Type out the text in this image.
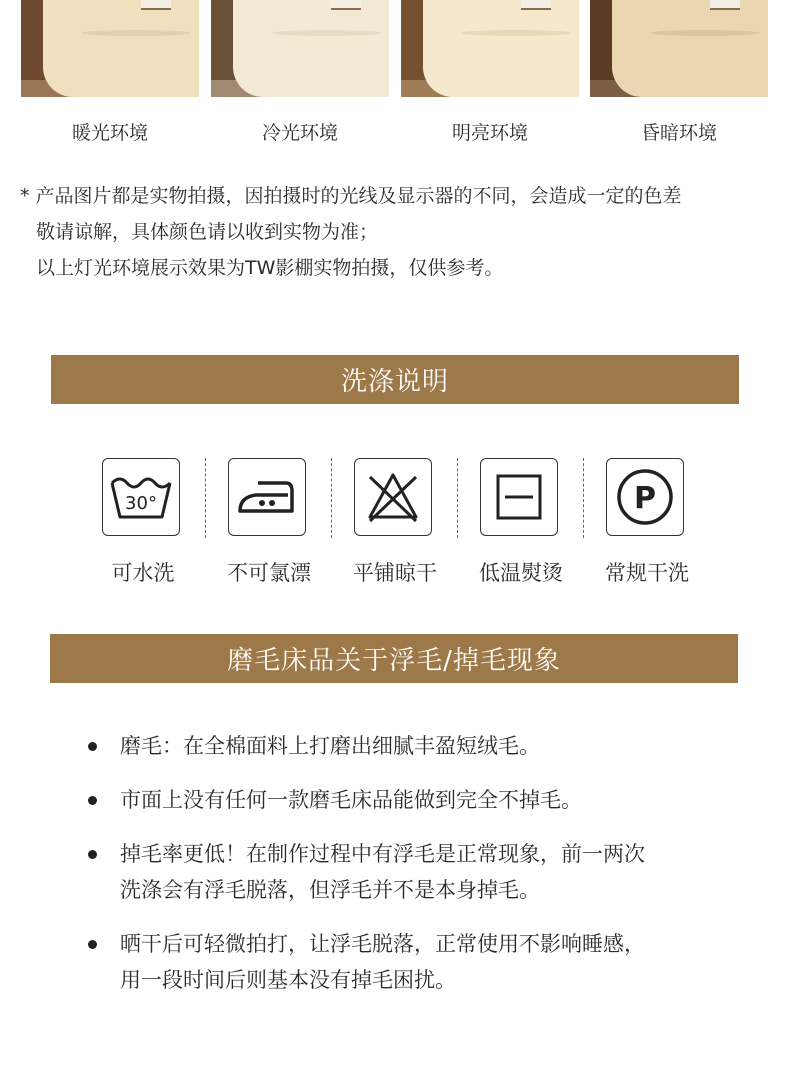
暖光环境	冷光环境	明亮环境	昏暗环境
* 产品图片都是实物拍摄，因拍摄时的光线及显示器的不同，会造成一定的色差
敬请谅解，具体颜色请以收到实物为准；
以上灯光环境展示效果为TW影棚实物拍摄，仅供参考。
洗涤说明
30°	P
可水洗	不可氯漂	平铺晾干	低温熨烫	常规干洗
磨毛床品关于浮毛/掉毛现象
磨毛：在全棉面料上打磨出细腻丰盈短绒毛。
市面上没有任何一款磨毛床品能做到完全不掉毛。
掉毛率更低！在制作过程中有浮毛是正常现象，前一两次
洗涤会有浮毛脱落，但浮毛并不是本身掉毛。
晒干后可轻微拍打，让浮毛脱落，正常使用不影响睡感，
用一段时间后则基本没有掉毛困扰。
